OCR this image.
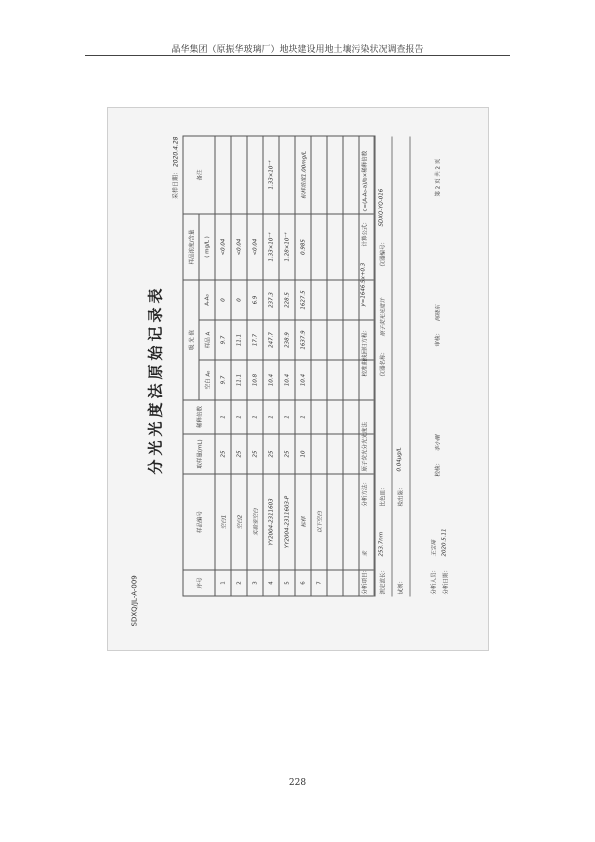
晶华集团（原振华玻璃厂）地块建设用地土壤污染状况调查报告
SDXQ/JL-A-009
分光光度法原始记录表
采样日期： 2020.4.28
序号	样品编号	取样量(mL)	稀释倍数	吸 光 值			样品浓度/含量	备注
				空白 A₀	样品 A	A-A₀	( mg/L )	
1	空白1	25	1	9.7	9.7	0	<0.04	
2	空白2	25	1	11.1	11.1	0	<0.04	
3	实验室空白	25	1	10.8	17.7	6.9	<0.04	
4	YY2004-2311603	25	1	10.4	247.7	237.3	1.33×10⁻⁴	1.33×10⁻⁴
5	YY2004-2311603-P	25	1	10.4	238.9	228.5	1.28×10⁻⁴	
6	标样	10	1	10.4	1637.9	1627.5	0.985	标样浓度1.00mg/L
7	以下空白							

分析项目：
汞
分析方法：
原子荧光分光光度法
校准曲线回归方程：
y=1646.9x+0.3
计算公式：
c=(A-A₀-a)/b×稀释倍数
测定波长：
253.7nm
比色皿：
仪器名称：
原子荧光光度计
仪器编号：
SDXQ-YQ-016
试剂：
检出限：
0.04μg/L
分析人员：
王宝琦
分析日期：
2020.5.11
校核：
李小刚
审核：
何晓东
第 2 页 共 2 页
228
